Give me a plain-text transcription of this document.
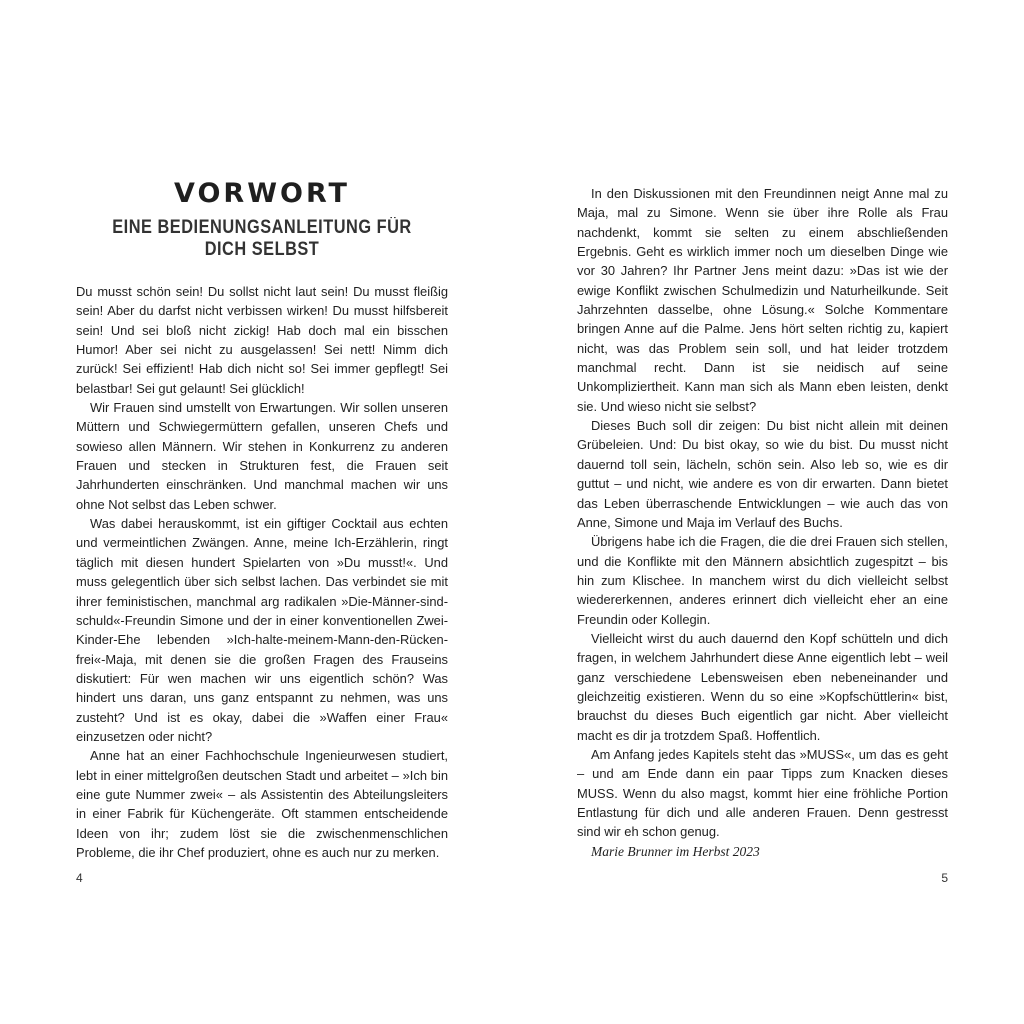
VORWORT
EINE BEDIENUNGSANLEITUNG FÜR DICH SELBST

Du musst schön sein! Du sollst nicht laut sein! Du musst fleißig sein! Aber du darfst nicht verbissen wirken! Du musst hilfsbereit sein! Und sei bloß nicht zickig! Hab doch mal ein bisschen Humor! Aber sei nicht zu ausgelassen! Sei nett! Nimm dich zurück! Sei effizient! Hab dich nicht so! Sei immer gepflegt! Sei belastbar! Sei gut gelaunt! Sei glücklich!

Wir Frauen sind umstellt von Erwartungen. Wir sollen unseren Müttern und Schwiegermüttern gefallen, unseren Chefs und sowieso allen Männern. Wir stehen in Konkurrenz zu anderen Frauen und stecken in Strukturen fest, die Frauen seit Jahrhunderten einschränken. Und manchmal machen wir uns ohne Not selbst das Leben schwer.

Was dabei herauskommt, ist ein giftiger Cocktail aus echten und vermeintlichen Zwängen. Anne, meine Ich-Erzählerin, ringt täglich mit diesen hundert Spielarten von »Du musst!«. Und muss gelegentlich über sich selbst lachen. Das verbindet sie mit ihrer feministischen, manchmal arg radikalen »Die-Männer-sind-schuld«-Freundin Simone und der in einer konventionellen Zwei-Kinder-Ehe lebenden »Ich-halte-meinem-Mann-den-Rücken-frei«-Maja, mit denen sie die großen Fragen des Frauseins diskutiert: Für wen machen wir uns eigentlich schön? Was hindert uns daran, uns ganz entspannt zu nehmen, was uns zusteht? Und ist es okay, dabei die »Waffen einer Frau« einzusetzen oder nicht?

Anne hat an einer Fachhochschule Ingenieurwesen studiert, lebt in einer mittelgroßen deutschen Stadt und arbeitet – »Ich bin eine gute Nummer zwei« – als Assistentin des Abteilungsleiters in einer Fabrik für Küchengeräte. Oft stammen entscheidende Ideen von ihr; zudem löst sie die zwischenmenschlichen Probleme, die ihr Chef produziert, ohne es auch nur zu merken.

4

In den Diskussionen mit den Freundinnen neigt Anne mal zu Maja, mal zu Simone. Wenn sie über ihre Rolle als Frau nachdenkt, kommt sie selten zu einem abschließenden Ergebnis. Geht es wirklich immer noch um dieselben Dinge wie vor 30 Jahren? Ihr Partner Jens meint dazu: »Das ist wie der ewige Konflikt zwischen Schulmedizin und Naturheilkunde. Seit Jahrzehnten dasselbe, ohne Lösung.« Solche Kommentare bringen Anne auf die Palme. Jens hört selten richtig zu, kapiert nicht, was das Problem sein soll, und hat leider trotzdem manchmal recht. Dann ist sie neidisch auf seine Unkompliziertheit. Kann man sich als Mann eben leisten, denkt sie. Und wieso nicht sie selbst?

Dieses Buch soll dir zeigen: Du bist nicht allein mit deinen Grübeleien. Und: Du bist okay, so wie du bist. Du musst nicht dauernd toll sein, lächeln, schön sein. Also leb so, wie es dir guttut – und nicht, wie andere es von dir erwarten. Dann bietet das Leben überraschende Entwicklungen – wie auch das von Anne, Simone und Maja im Verlauf des Buchs.

Übrigens habe ich die Fragen, die die drei Frauen sich stellen, und die Konflikte mit den Männern absichtlich zugespitzt – bis hin zum Klischee. In manchem wirst du dich vielleicht selbst wiedererkennen, anderes erinnert dich vielleicht eher an eine Freundin oder Kollegin.

Vielleicht wirst du auch dauernd den Kopf schütteln und dich fragen, in welchem Jahrhundert diese Anne eigentlich lebt – weil ganz verschiedene Lebensweisen eben nebeneinander und gleichzeitig existieren. Wenn du so eine »Kopfschüttlerin« bist, brauchst du dieses Buch eigentlich gar nicht. Aber vielleicht macht es dir ja trotzdem Spaß. Hoffentlich.

Am Anfang jedes Kapitels steht das »MUSS«, um das es geht – und am Ende dann ein paar Tipps zum Knacken dieses MUSS. Wenn du also magst, kommt hier eine fröhliche Portion Entlastung für dich und alle anderen Frauen. Denn gestresst sind wir eh schon genug.

Marie Brunner im Herbst 2023

5
